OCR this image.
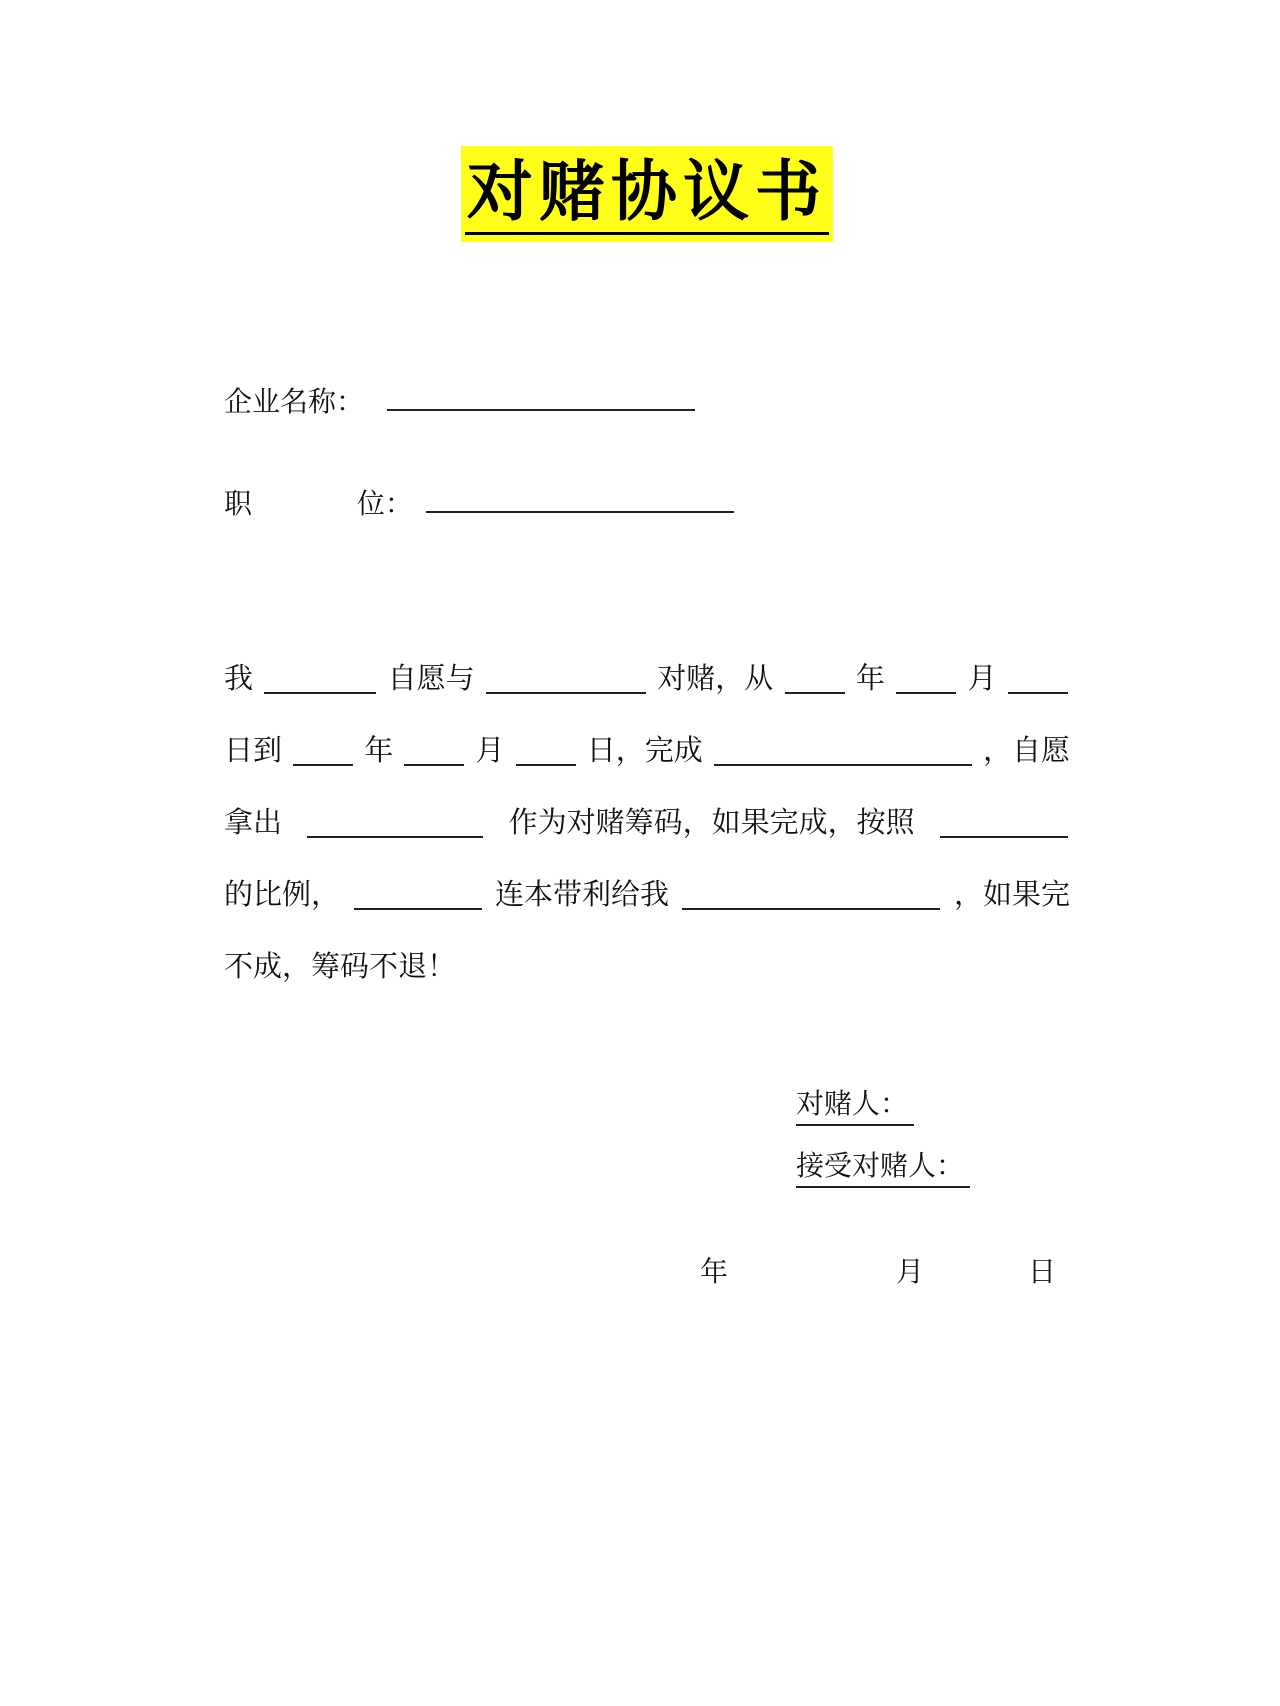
对赌协议书
企业名称：
职	位：
我	自愿与	对赌，从	年	月
日到	年	月	日，完成	，自愿
拿出	作为对赌筹码，如果完成，按照
的比例，	连本带利给我	，如果完
不成，筹码不退！
对赌人：
接受对赌人：
年	月	日
